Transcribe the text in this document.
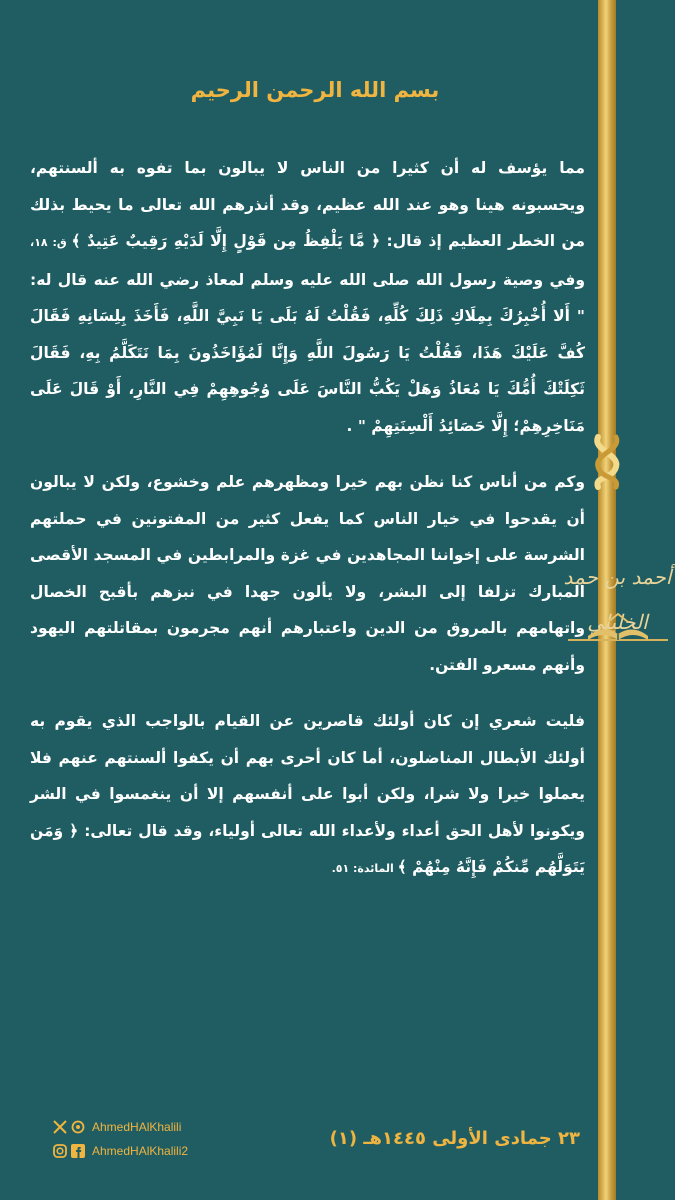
أحمد بن حمد الخليلي
بسم الله الرحمن الرحيم

مما يؤسف له أن كثيرا من الناس لا يبالون بما تفوه به ألسنتهم، ويحسبونه هينا وهو عند الله عظيم، وقد أنذرهم الله تعالى ما يحيط بذلك من الخطر العظيم إذ قال: ﴿ مَّا يَلْفِظُ مِن قَوْلٍ إِلَّا لَدَيْهِ رَقِيبٌ عَتِيدٌ ﴾ ق: ١٨، وفي وصية رسول الله صلى الله عليه وسلم لمعاذ رضي الله عنه قال له: " أَلا أُخْبِرُكَ بِمِلَاكِ ذَلِكَ كُلِّهِ، فَقُلْتُ لَهُ بَلَى يَا نَبِيَّ اللَّهِ، فَأَخَذَ بِلِسَانِهِ فَقَالَ كُفَّ عَلَيْكَ هَذَا، فَقُلْتُ يَا رَسُولَ اللَّهِ وَإِنَّا لَمُؤَاخَذُونَ بِمَا نَتَكَلَّمُ بِهِ، فَقَالَ ثَكِلَتْكَ أُمُّكَ يَا مُعَاذُ وَهَلْ يَكُبُّ النَّاسَ عَلَى وُجُوهِهِمْ فِي النَّارِ، أَوْ قَالَ عَلَى مَنَاخِرِهِمْ؛ إِلَّا حَصَائِدُ أَلْسِنَتِهِمْ " .

وكم من أناس كنا نظن بهم خيرا ومظهرهم علم وخشوع، ولكن لا يبالون أن يقدحوا في خيار الناس كما يفعل كثير من المفتونين في حملتهم الشرسة على إخواننا المجاهدين في غزة والمرابطين في المسجد الأقصى المبارك تزلفا إلى البشر، ولا يألون جهدا في نبزهم بأقبح الخصال واتهامهم بالمروق من الدين واعتبارهم أنهم مجرمون بمقاتلتهم اليهود وأنهم مسعرو الفتن.

فليت شعري إن كان أولئك قاصرين عن القيام بالواجب الذي يقوم به أولئك الأبطال المناضلون، أما كان أحرى بهم أن يكفوا ألسنتهم عنهم فلا يعملوا خيرا ولا شرا، ولكن أبوا على أنفسهم إلا أن ينغمسوا في الشر ويكونوا لأهل الحق أعداء ولأعداء الله تعالى أولياء، وقد قال تعالى: ﴿ وَمَن يَتَوَلَّهُم مِّنكُمْ فَإِنَّهُ مِنْهُمْ ﴾ المائدة: ٥١.

AhmedHAlKhalili
AhmedHAlKhalili2
٢٣ جمادى الأولى ١٤٤٥هـ (١)
